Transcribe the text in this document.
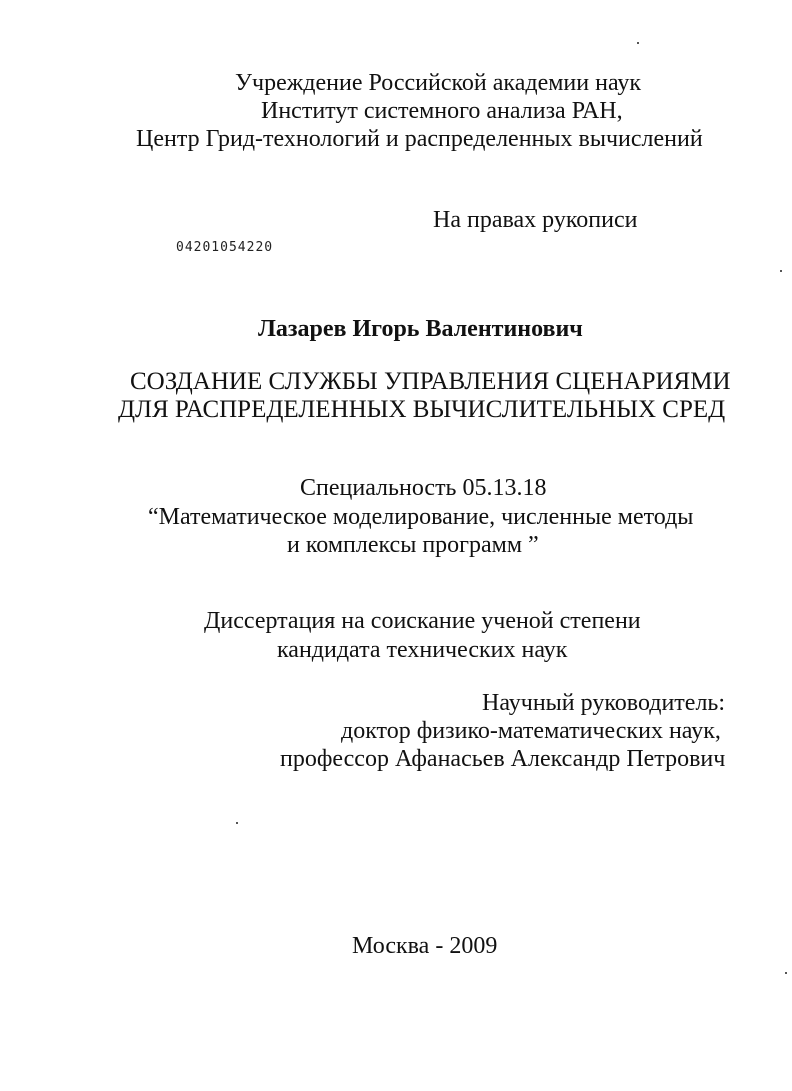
Учреждение Российской академии наук

Институт системного анализа РАН,

Центр Грид-технологий и распределенных вычислений

На правах рукописи

04201054220

Лазарев Игорь Валентинович

СОЗДАНИЕ СЛУЖБЫ УПРАВЛЕНИЯ СЦЕНАРИЯМИ

ДЛЯ РАСПРЕДЕЛЕННЫХ ВЫЧИСЛИТЕЛЬНЫХ СРЕД

Специальность 05.13.18

“Математическое моделирование, численные методы

и комплексы программ ”

Диссертация на соискание ученой степени

кандидата технических наук

Научный руководитель:

доктор физико-математических наук,

профессор Афанасьев Александр Петрович

Москва - 2009
